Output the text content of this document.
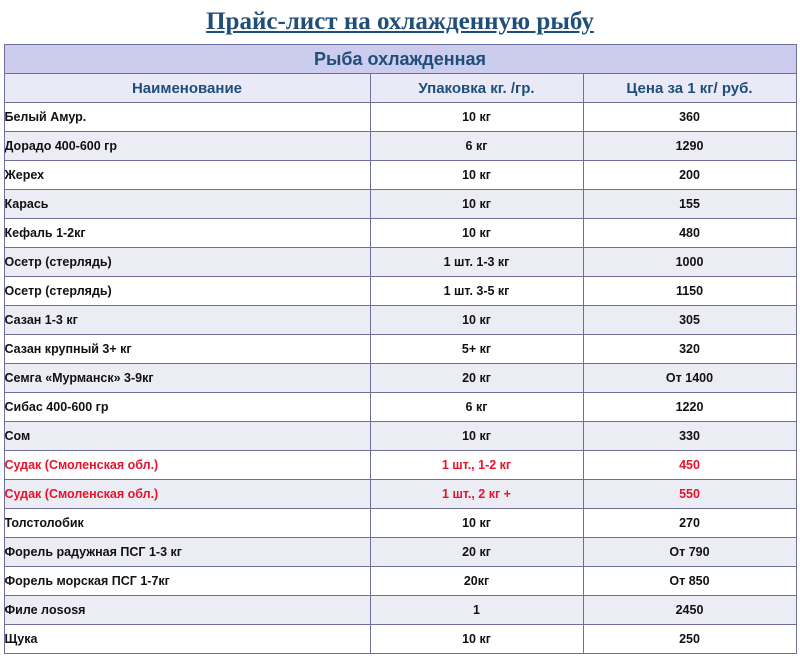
Прайс-лист на охлажденную рыбу
Рыба охлажденная		
Наименование	Упаковка кг. /гр.	Цена за 1 кг/ руб.
Белый Амур.	10 кг	360
Дорадо 400-600 гр	6 кг	1290
Жерех	10 кг	200
Карась	10 кг	155
Кефаль 1-2кг	10 кг	480
Осетр (стерлядь)	1 шт. 1-3 кг	1000
Осетр (стерлядь)	1 шт. 3-5 кг	1150
Сазан 1-3 кг	10 кг	305
Сазан крупный 3+ кг	5+ кг	320
Семга «Мурманск» 3-9кг	20 кг	От 1400
Сибас 400-600 гр	6 кг	1220
Сом	10 кг	330
Судак (Смоленская обл.)	1 шт., 1-2 кг	450
Судак (Смоленская обл.)	1 шт., 2 кг +	550
Толстолобик	10 кг	270
Форель радужная ПСГ 1-3 кг	20 кг	От 790
Форель морская ПСГ 1-7кг	20кг	От 850
Филе лososя	1	2450
Щука	10 кг	250
